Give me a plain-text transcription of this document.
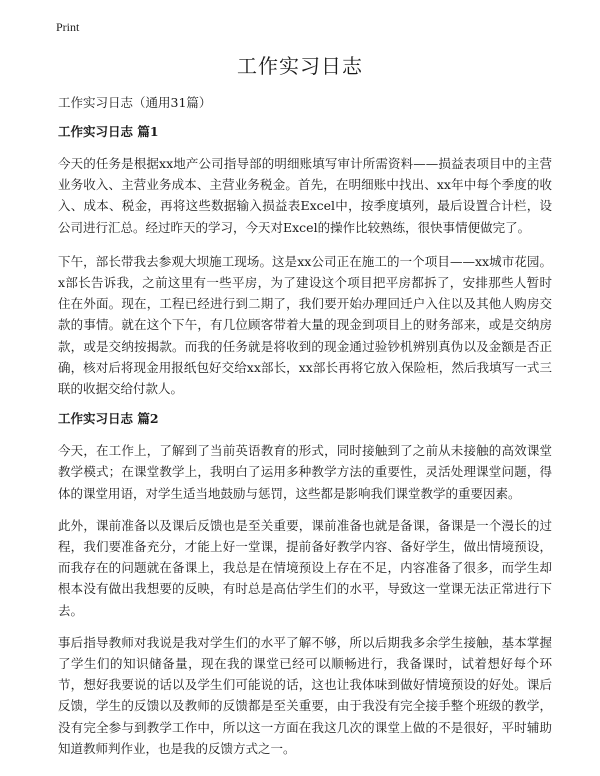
Print
工作实习日志

工作实习日志（通用31篇）

工作实习日志 篇1

今天的任务是根据xx地产公司指导部的明细账填写审计所需资料——损益表项目中的主营业务收入、主营业务成本、主营业务税金。首先，在明细账中找出、xx年中每个季度的收入、成本、税金，再将这些数据输入损益表Excel中，按季度填列，最后设置合计栏，设公司进行汇总。经过昨天的学习，今天对Excel的操作比较熟练，很快事情便做完了。

下午，部长带我去参观大坝施工现场。这是xx公司正在施工的一个项目——xx城市花园。x部长告诉我，之前这里有一些平房，为了建设这个项目把平房都拆了，安排那些人暂时住在外面。现在，工程已经进行到二期了，我们要开始办理回迁户入住以及其他人购房交款的事情。就在这个下午，有几位顾客带着大量的现金到项目上的财务部来，或是交纳房款，或是交纳按揭款。而我的任务就是将收到的现金通过验钞机辨别真伪以及金额是否正确，核对后将现金用报纸包好交给xx部长，xx部长再将它放入保险柜，然后我填写一式三联的收据交给付款人。

工作实习日志 篇2

今天，在工作上，了解到了当前英语教育的形式，同时接触到了之前从未接触的高效课堂教学模式；在课堂教学上，我明白了运用多种教学方法的重要性，灵活处理课堂问题，得体的课堂用语，对学生适当地鼓励与惩罚，这些都是影响我们课堂教学的重要因素。

此外，课前准备以及课后反馈也是至关重要，课前准备也就是备课，备课是一个漫长的过程，我们要准备充分，才能上好一堂课，提前备好教学内容、备好学生，做出情境预设，而我存在的问题就在备课上，我总是在情境预设上存在不足，内容准备了很多，而学生却根本没有做出我想要的反映，有时总是高估学生们的水平，导致这一堂课无法正常进行下去。

事后指导教师对我说是我对学生们的水平了解不够，所以后期我多余学生接触，基本掌握了学生们的知识储备量，现在我的课堂已经可以顺畅进行，我备课时，试着想好每个环节，想好我要说的话以及学生们可能说的话，这也让我体味到做好情境预设的好处。课后反馈，学生的反馈以及教师的反馈都是至关重要，由于我没有完全接手整个班级的教学，没有完全参与到教学工作中，所以这一方面在我这几次的课堂上做的不是很好，平时辅助知道教师判作业，也是我的反馈方式之一。
